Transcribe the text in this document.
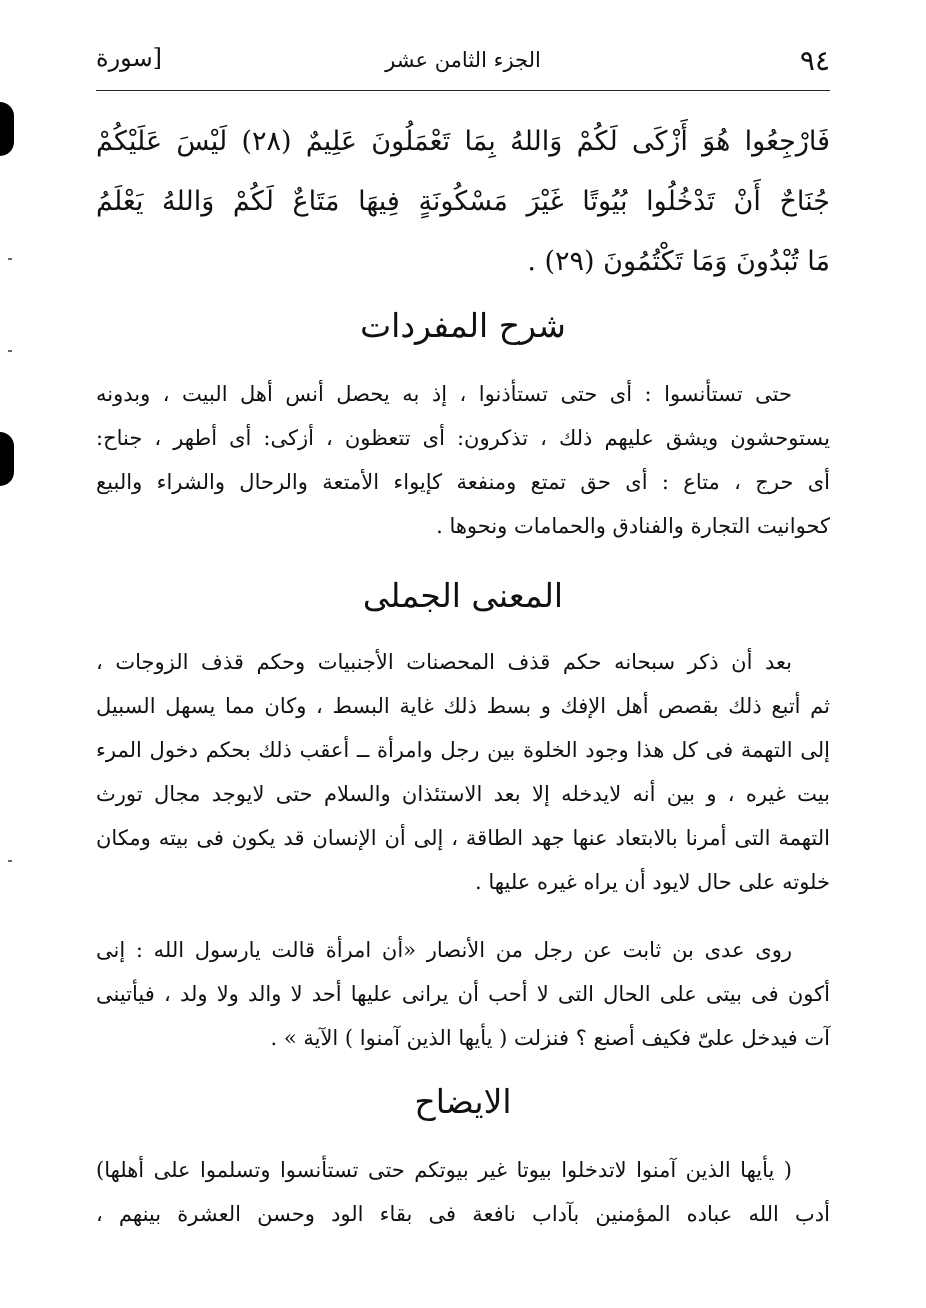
٩٤
الجزء الثامن عشر
[سورة
فَارْجِعُوا هُوَ أَزْكَى لَكُمْ وَاللهُ بِمَا تَعْمَلُونَ عَلِيمٌ (٢٨) لَيْسَ عَلَيْكُمْ
جُنَاحٌ أَنْ تَدْخُلُوا بُيُوتًا غَيْرَ مَسْكُونَةٍ فِيهَا مَتَاعٌ لَكُمْ وَاللهُ يَعْلَمُ
مَا تُبْدُونَ وَمَا تَكْتُمُونَ (٢٩) .
شرح المفردات
حتى تستأنسوا : أى حتى تستأذنوا ، إذ به يحصل أنس أهل البيت ، وبدونه
يستوحشون ويشق عليهم ذلك ، تذكرون: أى تتعظون ، أزكى: أى أطهر ، جناح:
أى حرج ، متاع : أى حق تمتع ومنفعة كإيواء الأمتعة والرحال والشراء والبيع
كحوانيت التجارة والفنادق والحمامات ونحوها .
المعنى الجملى
بعد أن ذكر سبحانه حكم قذف المحصنات الأجنبيات وحكم قذف الزوجات ،
ثم أتبع ذلك بقصص أهل الإفك و بسط ذلك غاية البسط ، وكان مما يسهل السبيل
إلى التهمة فى كل هذا وجود الخلوة بين رجل وامرأة ــ أعقب ذلك بحكم دخول المرء
بيت غيره ، و بين أنه لايدخله إلا بعد الاستئذان والسلام حتى لايوجد مجال تورث
التهمة التى أمرنا بالابتعاد عنها جهد الطاقة ، إلى أن الإنسان قد يكون فى بيته ومكان
خلوته على حال لايود أن يراه غيره عليها .
روى عدى بن ثابت عن رجل من الأنصار «أن امرأة قالت يارسول الله : إنى
أكون فى بيتى على الحال التى لا أحب أن يرانى عليها أحد لا والد ولا ولد ، فيأتينى
آت فيدخل علىّ فكيف أصنع ؟ فنزلت ( يأيها الذين آمنوا ) الآية » .
الايضاح
( يأيها الذين آمنوا لاتدخلوا بيوتا غير بيوتكم حتى تستأنسوا وتسلموا على أهلها)
أدب الله عباده المؤمنين بآداب نافعة فى بقاء الود وحسن العشرة بينهم ،
